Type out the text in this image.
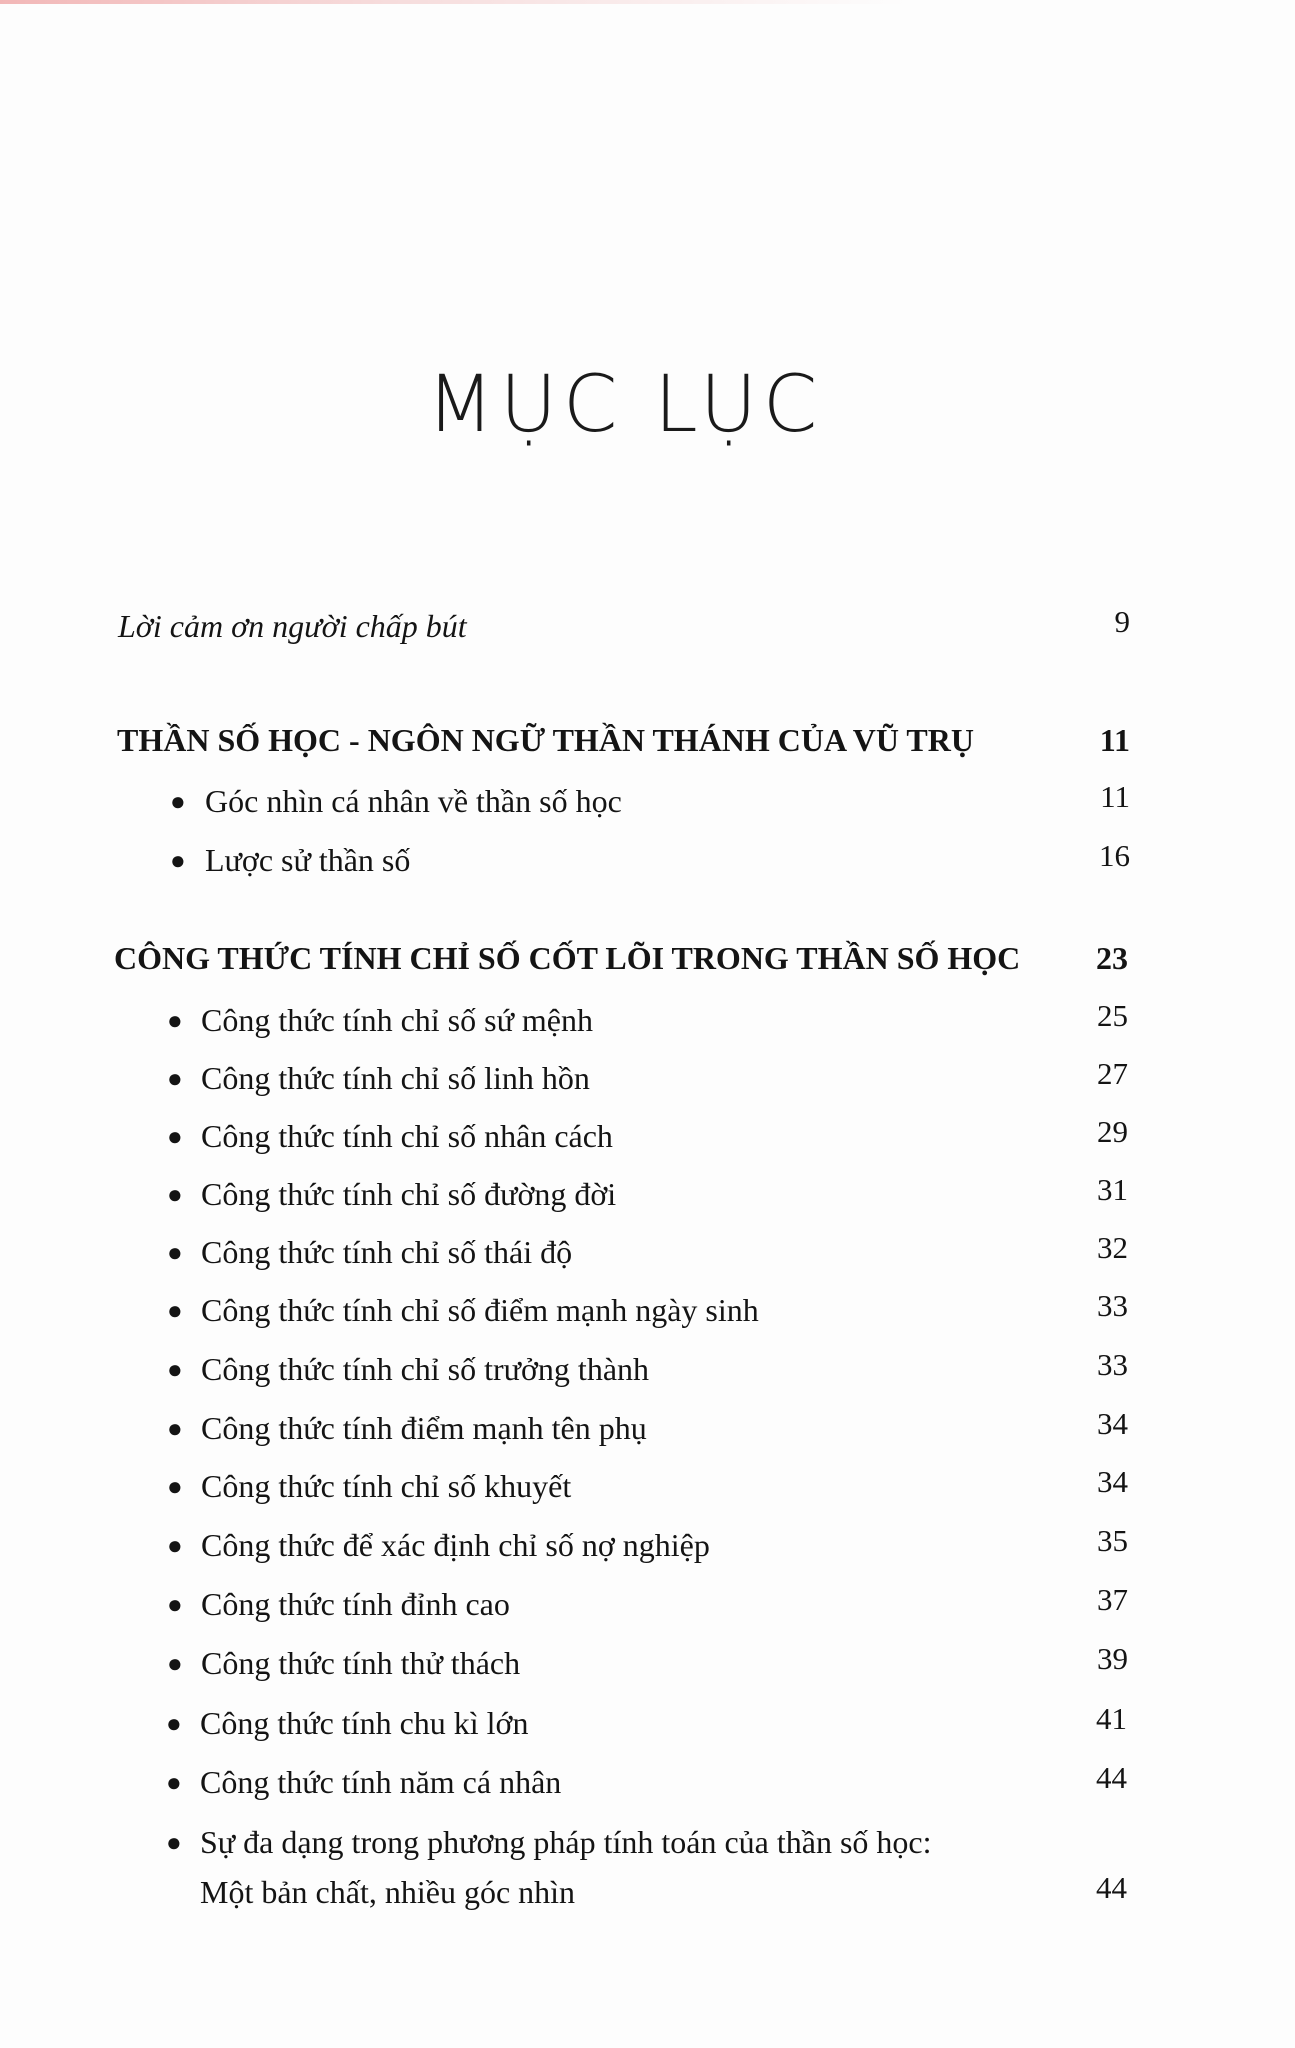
MỤC LỤC
Lời cảm ơn người chấp bút	9
THẦN SỐ HỌC - NGÔN NGỮ THẦN THÁNH CỦA VŨ TRỤ	11
● Góc nhìn cá nhân về thần số học	11
● Lược sử thần số	16
CÔNG THỨC TÍNH CHỈ SỐ CỐT LÕI TRONG THẦN SỐ HỌC	23
● Công thức tính chỉ số sứ mệnh	25
● Công thức tính chỉ số linh hồn	27
● Công thức tính chỉ số nhân cách	29
● Công thức tính chỉ số đường đời	31
● Công thức tính chỉ số thái độ	32
● Công thức tính chỉ số điểm mạnh ngày sinh	33
● Công thức tính chỉ số trưởng thành	33
● Công thức tính điểm mạnh tên phụ	34
● Công thức tính chỉ số khuyết	34
● Công thức để xác định chỉ số nợ nghiệp	35
● Công thức tính đỉnh cao	37
● Công thức tính thử thách	39
● Công thức tính chu kì lớn	41
● Công thức tính năm cá nhân	44
● Sự đa dạng trong phương pháp tính toán của thần số học:
Một bản chất, nhiều góc nhìn	44
